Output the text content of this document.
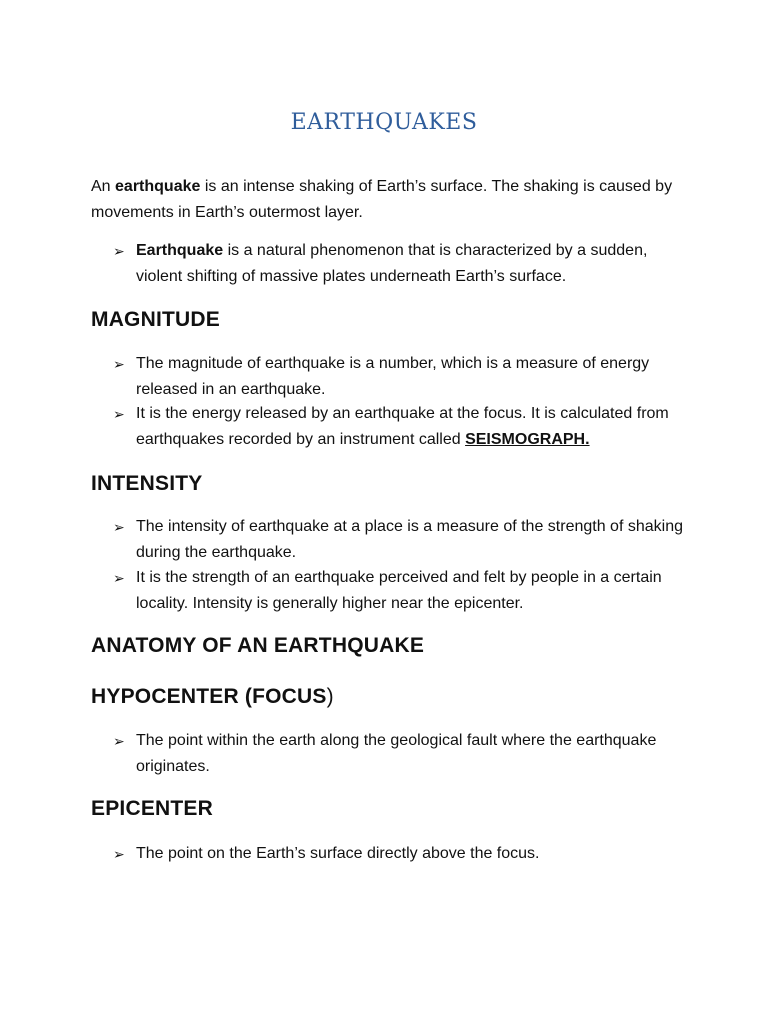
EARTHQUAKES
An earthquake is an intense shaking of Earth’s surface. The shaking is caused by movements in Earth’s outermost layer.
➢ Earthquake is a natural phenomenon that is characterized by a sudden, violent shifting of massive plates underneath Earth’s surface.
MAGNITUDE
➢ The magnitude of earthquake is a number, which is a measure of energy released in an earthquake.
➢ It is the energy released by an earthquake at the focus. It is calculated from earthquakes recorded by an instrument called SEISMOGRAPH.
INTENSITY
➢ The intensity of earthquake at a place is a measure of the strength of shaking during the earthquake.
➢ It is the strength of an earthquake perceived and felt by people in a certain locality. Intensity is generally higher near the epicenter.
ANATOMY OF AN EARTHQUAKE
HYPOCENTER (FOCUS)
➢ The point within the earth along the geological fault where the earthquake originates.
EPICENTER
➢ The point on the Earth’s surface directly above the focus.
